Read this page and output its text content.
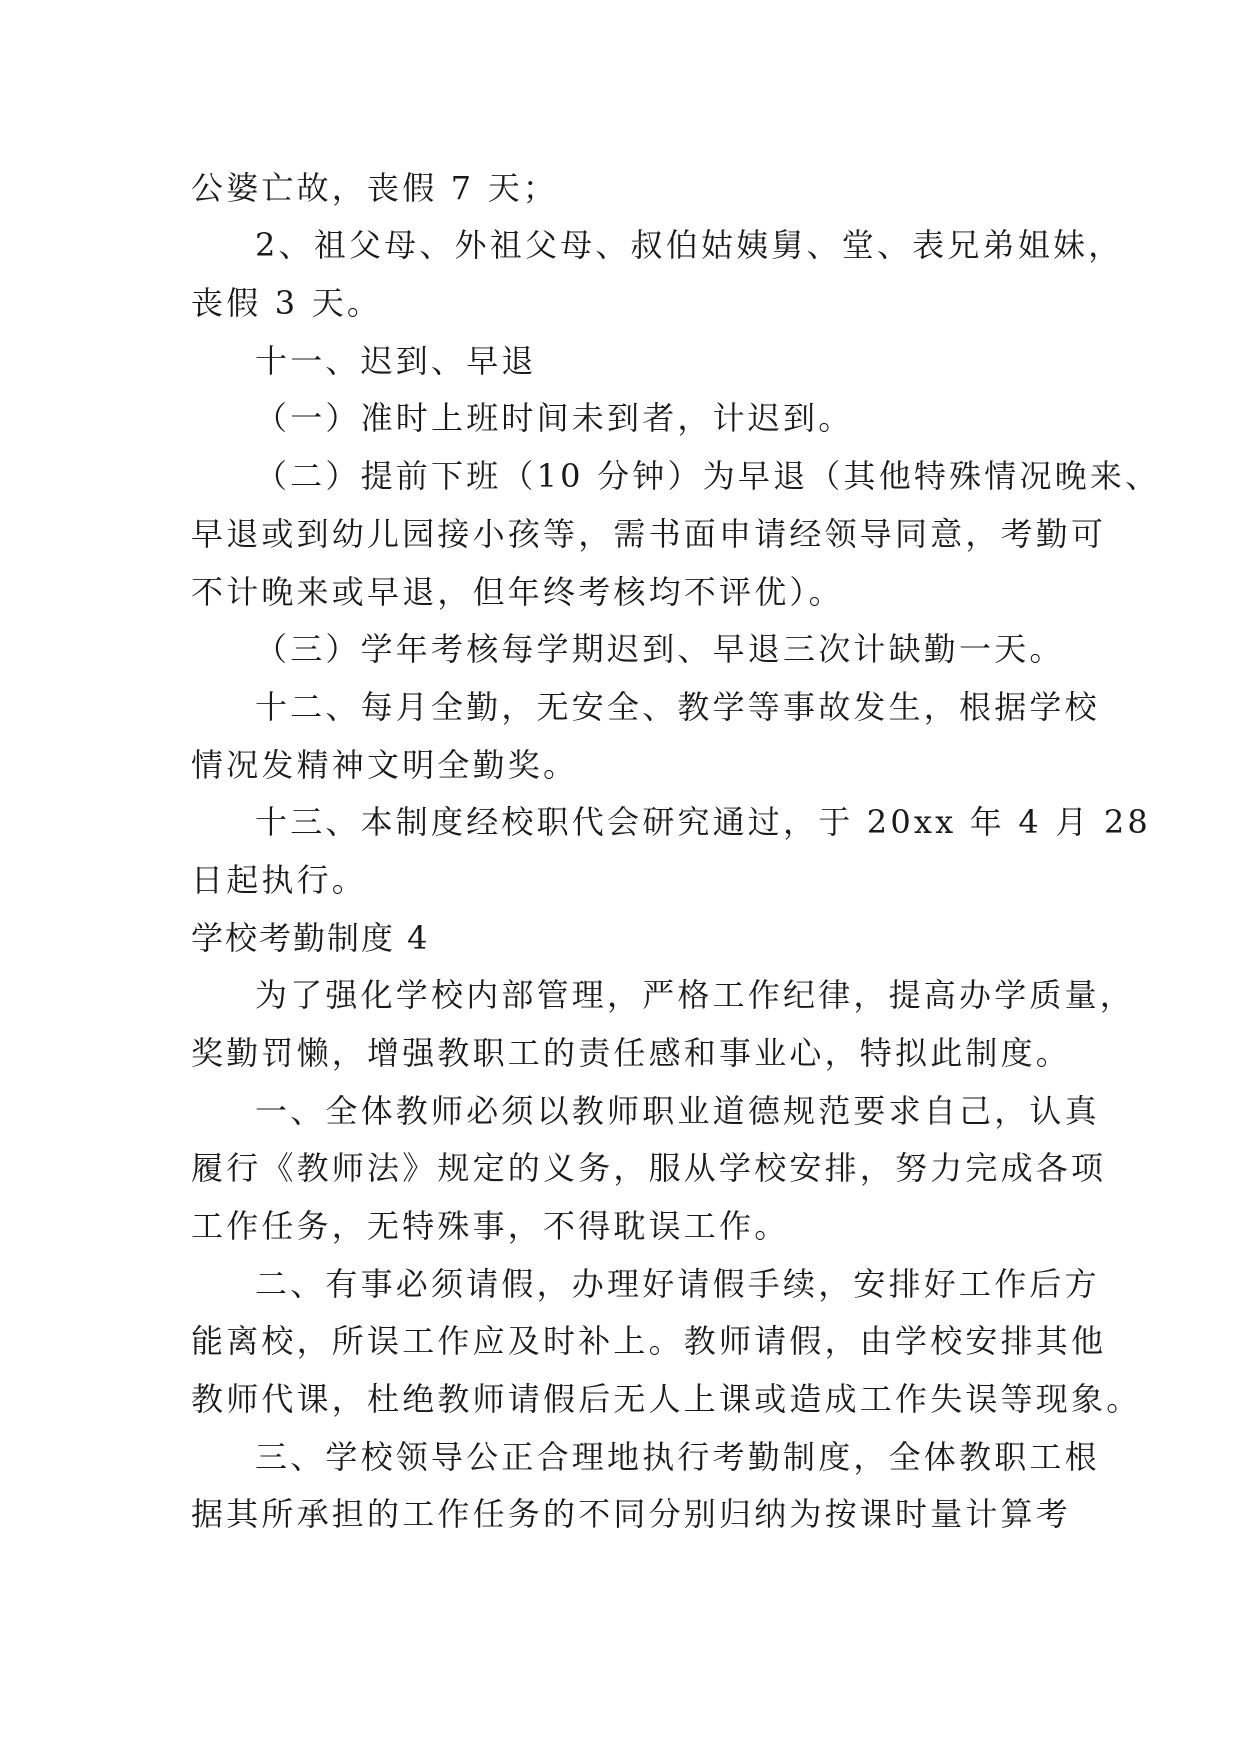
公婆亡故，丧假 7 天；

2、祖父母、外祖父母、叔伯姑姨舅、堂、表兄弟姐妹，

丧假 3 天。

十一、迟到、早退

（一）准时上班时间未到者，计迟到。

（二）提前下班（10 分钟）为早退（其他特殊情况晚来、

早退或到幼儿园接小孩等，需书面申请经领导同意，考勤可

不计晚来或早退，但年终考核均不评优）。

（三）学年考核每学期迟到、早退三次计缺勤一天。

十二、每月全勤，无安全、教学等事故发生，根据学校

情况发精神文明全勤奖。

十三、本制度经校职代会研究通过，于 20xx 年 4 月 28

日起执行。

学校考勤制度 4

为了强化学校内部管理，严格工作纪律，提高办学质量，

奖勤罚懒，增强教职工的责任感和事业心，特拟此制度。

一、全体教师必须以教师职业道德规范要求自己，认真

履行《教师法》规定的义务，服从学校安排，努力完成各项

工作任务，无特殊事，不得耽误工作。

二、有事必须请假，办理好请假手续，安排好工作后方

能离校，所误工作应及时补上。教师请假，由学校安排其他

教师代课，杜绝教师请假后无人上课或造成工作失误等现象。

三、学校领导公正合理地执行考勤制度，全体教职工根

据其所承担的工作任务的不同分别归纳为按课时量计算考
